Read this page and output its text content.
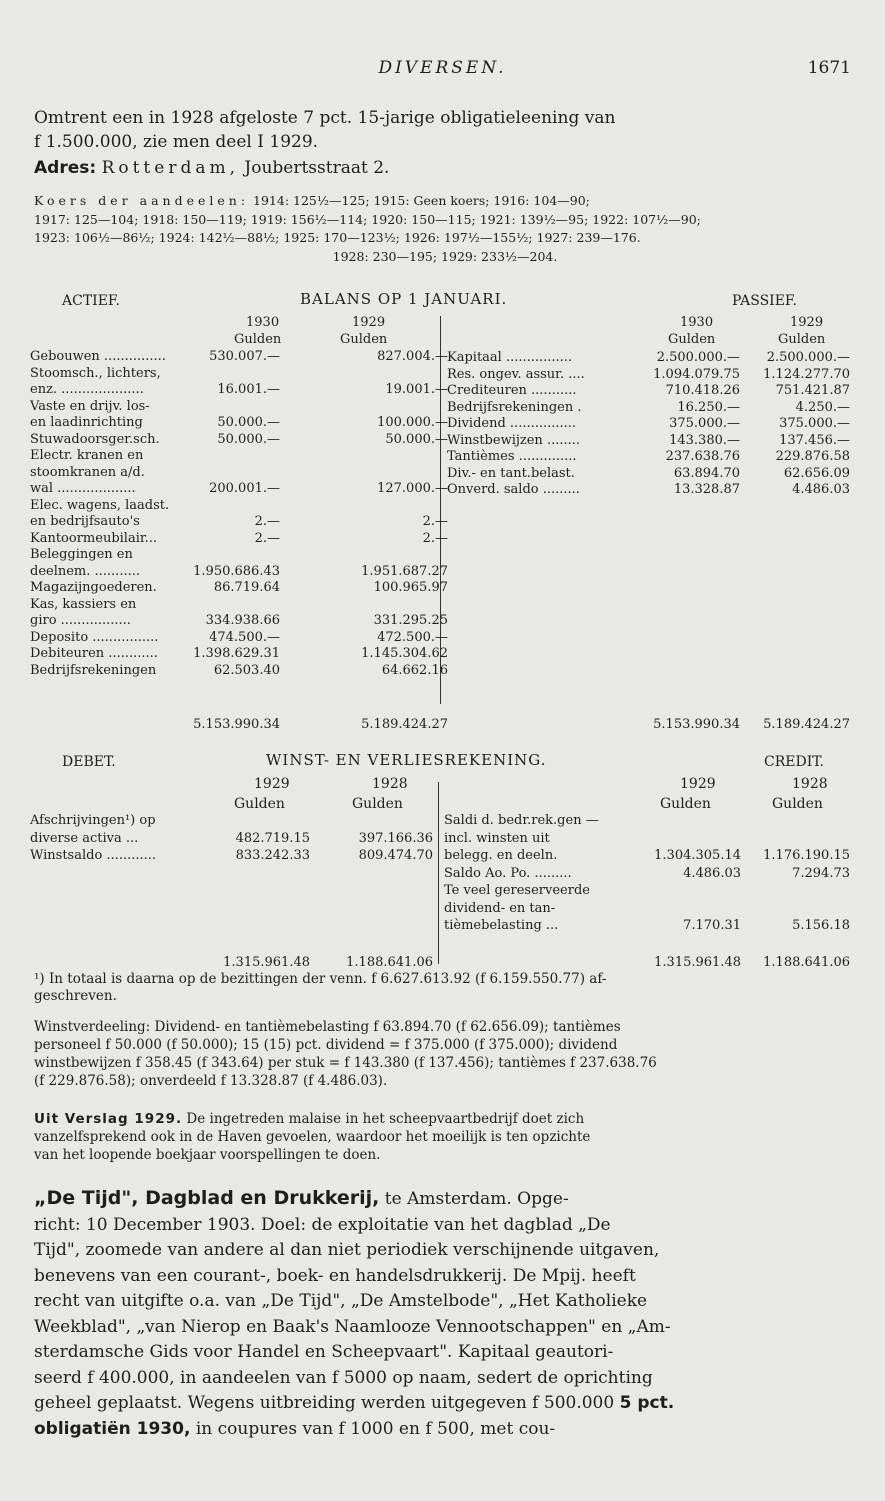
DIVERSEN.	1671
Omtrent een in 1928 afgeloste 7 pct. 15-jarige obligatieleening van
f 1.500.000, zie men deel I 1929.
Adres: Rotterdam, Joubertsstraat 2.
Koers der aandeelen: 1914: 125½—125; 1915: Geen koers; 1916: 104—90;
1917: 125—104; 1918: 150—119; 1919: 156½—114; 1920: 150—115; 1921: 139½—95; 1922: 107½—90;
1923: 106½—86½; 1924: 142½—88½; 1925: 170—123½; 1926: 197½—155½; 1927: 239—176.
1928: 230—195; 1929: 233½—204.
ACTIEF.	BALANS OP 1 JANUARI.	PASSIEF.
1930	1929
Gulden	Gulden
1930	1929
Gulden	Gulden
Gebouwen ...............	530.007.—	827.004.—
Stoomsch., lichters,
enz. ....................	16.001.—	19.001.—
Vaste en drijv. los-
en laadinrichting	50.000.—	100.000.—
Stuwadoorsger.sch.	50.000.—	50.000.—
Electr. kranen en
stoomkranen a/d.
wal ...................	200.001.—	127.000.—
Elec. wagens, laadst.
en bedrijfsauto's	2.—	2.—
Kantoormeubilair...	2.—	2.—
Beleggingen en
deelnem. ...........	1.950.686.43	1.951.687.27
Magazijngoederen.	86.719.64	100.965.97
Kas, kassiers en
giro .................	334.938.66	331.295.25
Deposito ................	474.500.—	472.500.—
Debiteuren ............	1.398.629.31	1.145.304.62
Bedrijfsrekeningen	62.503.40	64.662.16
Kapitaal ................	2.500.000.— 2.500.000.—
Res. ongev. assur. ....	1.094.079.75 1.124.277.70
Crediteuren ...........	710.418.26	751.421.87
Bedrijfsrekeningen .	16.250.—	4.250.—
Dividend ................	375.000.—	375.000.—
Winstbewijzen ........	143.380.—	137.456.—
Tantièmes ..............	237.638.76	229.876.58
Div.- en tant.belast.	63.894.70	62.656.09
Onverd. saldo .........	13.328.87	4.486.03
5.153.990.34	5.189.424.27	5.153.990.34 5.189.424.27
DEBET.	WINST- EN VERLIESREKENING.	CREDIT.
1929	1928
Gulden	Gulden
1929	1928
Gulden	Gulden
Afschrijvingen¹) op
diverse activa ...	482.719.15	397.166.36
Winstsaldo ............	833.242.33	809.474.70
Saldi d. bedr.rek.gen —
incl. winsten uit
belegg. en deeln.	1.304.305.14 1.176.190.15
Saldo Ao. Po. .........	4.486.03	7.294.73
Te veel gereserveerde
dividend- en tan-
tièmebelasting ...	7.170.31	5.156.18
1.315.961.48	1.188.641.06	1.315.961.48 1.188.641.06
¹) In totaal is daarna op de bezittingen der venn. f 6.627.613.92 (f 6.159.550.77) af-
geschreven.
Winstverdeeling: Dividend- en tantièmebelasting f 63.894.70 (f 62.656.09); tantièmes
personeel f 50.000 (f 50.000); 15 (15) pct. dividend = f 375.000 (f 375.000); dividend
winstbewijzen f 358.45 (f 343.64) per stuk = f 143.380 (f 137.456); tantièmes f 237.638.76
(f 229.876.58); onverdeeld f 13.328.87 (f 4.486.03).
Uit Verslag 1929. De ingetreden malaise in het scheepvaartbedrijf doet zich
vanzelfsprekend ook in de Haven gevoelen, waardoor het moeilijk is ten opzichte
van het loopende boekjaar voorspellingen te doen.
„De Tijd", Dagblad en Drukkerij, te Amsterdam. Opge-
richt: 10 December 1903. Doel: de exploitatie van het dagblad „De
Tijd", zoomede van andere al dan niet periodiek verschijnende uitgaven,
benevens van een courant-, boek- en handelsdrukkerij. De Mpij. heeft
recht van uitgifte o.a. van „De Tijd", „De Amstelbode", „Het Katholieke
Weekblad", „van Nierop en Baak's Naamlooze Vennootschappen" en „Am-
sterdamsche Gids voor Handel en Scheepvaart". Kapitaal geautori-
seerd f 400.000, in aandeelen van f 5000 op naam, sedert de oprichting
geheel geplaatst. Wegens uitbreiding werden uitgegeven f 500.000 5 pct.
obligatiën 1930, in coupures van f 1000 en f 500, met cou-
